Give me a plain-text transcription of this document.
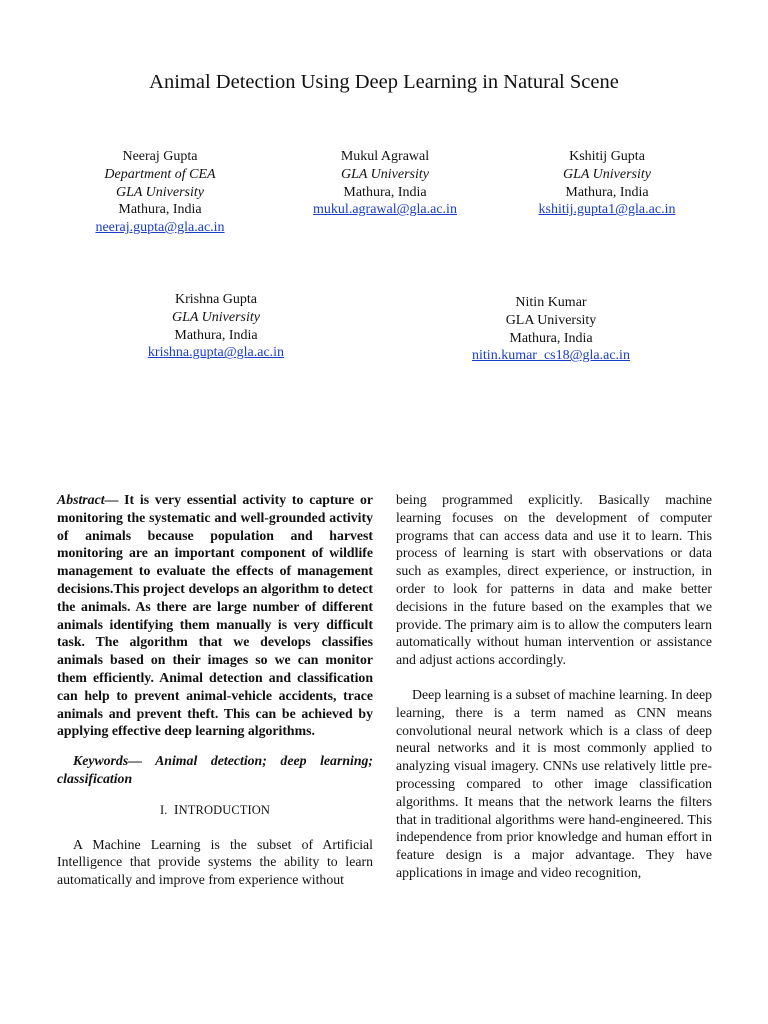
Animal Detection Using Deep Learning in Natural Scene
Neeraj Gupta
Department of CEA
GLA University
Mathura, India
neeraj.gupta@gla.ac.in
Mukul Agrawal
GLA University
Mathura, India
mukul.agrawal@gla.ac.in
Kshitij Gupta
GLA University
Mathura, India
kshitij.gupta1@gla.ac.in
Krishna Gupta
GLA University
Mathura, India
krishna.gupta@gla.ac.in
Nitin Kumar
GLA University
Mathura, India
nitin.kumar_cs18@gla.ac.in

Abstract— It is very essential activity to capture or monitoring the systematic and well-grounded activity of animals because population and harvest monitoring are an important component of wildlife management to evaluate the effects of management decisions.This project develops an algorithm to detect the animals. As there are large number of different animals identifying them manually is very difficult task. The algorithm that we develops classifies animals based on their images so we can monitor them efficiently. Animal detection and classification can help to prevent animal-vehicle accidents, trace animals and prevent theft. This can be achieved by applying effective deep learning algorithms.

Keywords— Animal detection; deep learning; classification

I. INTRODUCTION

A Machine Learning is the subset of Artificial Intelligence that provide systems the ability to learn automatically and improve from experience without

being programmed explicitly. Basically machine learning focuses on the development of computer programs that can access data and use it to learn. This process of learning is start with observations or data such as examples, direct experience, or instruction, in order to look for patterns in data and make better decisions in the future based on the examples that we provide. The primary aim is to allow the computers learn automatically without human intervention or assistance and adjust actions accordingly.

Deep learning is a subset of machine learning. In deep learning, there is a term named as CNN means convolutional neural network which is a class of deep neural networks and it is most commonly applied to analyzing visual imagery. CNNs use relatively little pre-processing compared to other image classification algorithms. It means that the network learns the filters that in traditional algorithms were hand-engineered. This independence from prior knowledge and human effort in feature design is a major advantage. They have applications in image and video recognition,
